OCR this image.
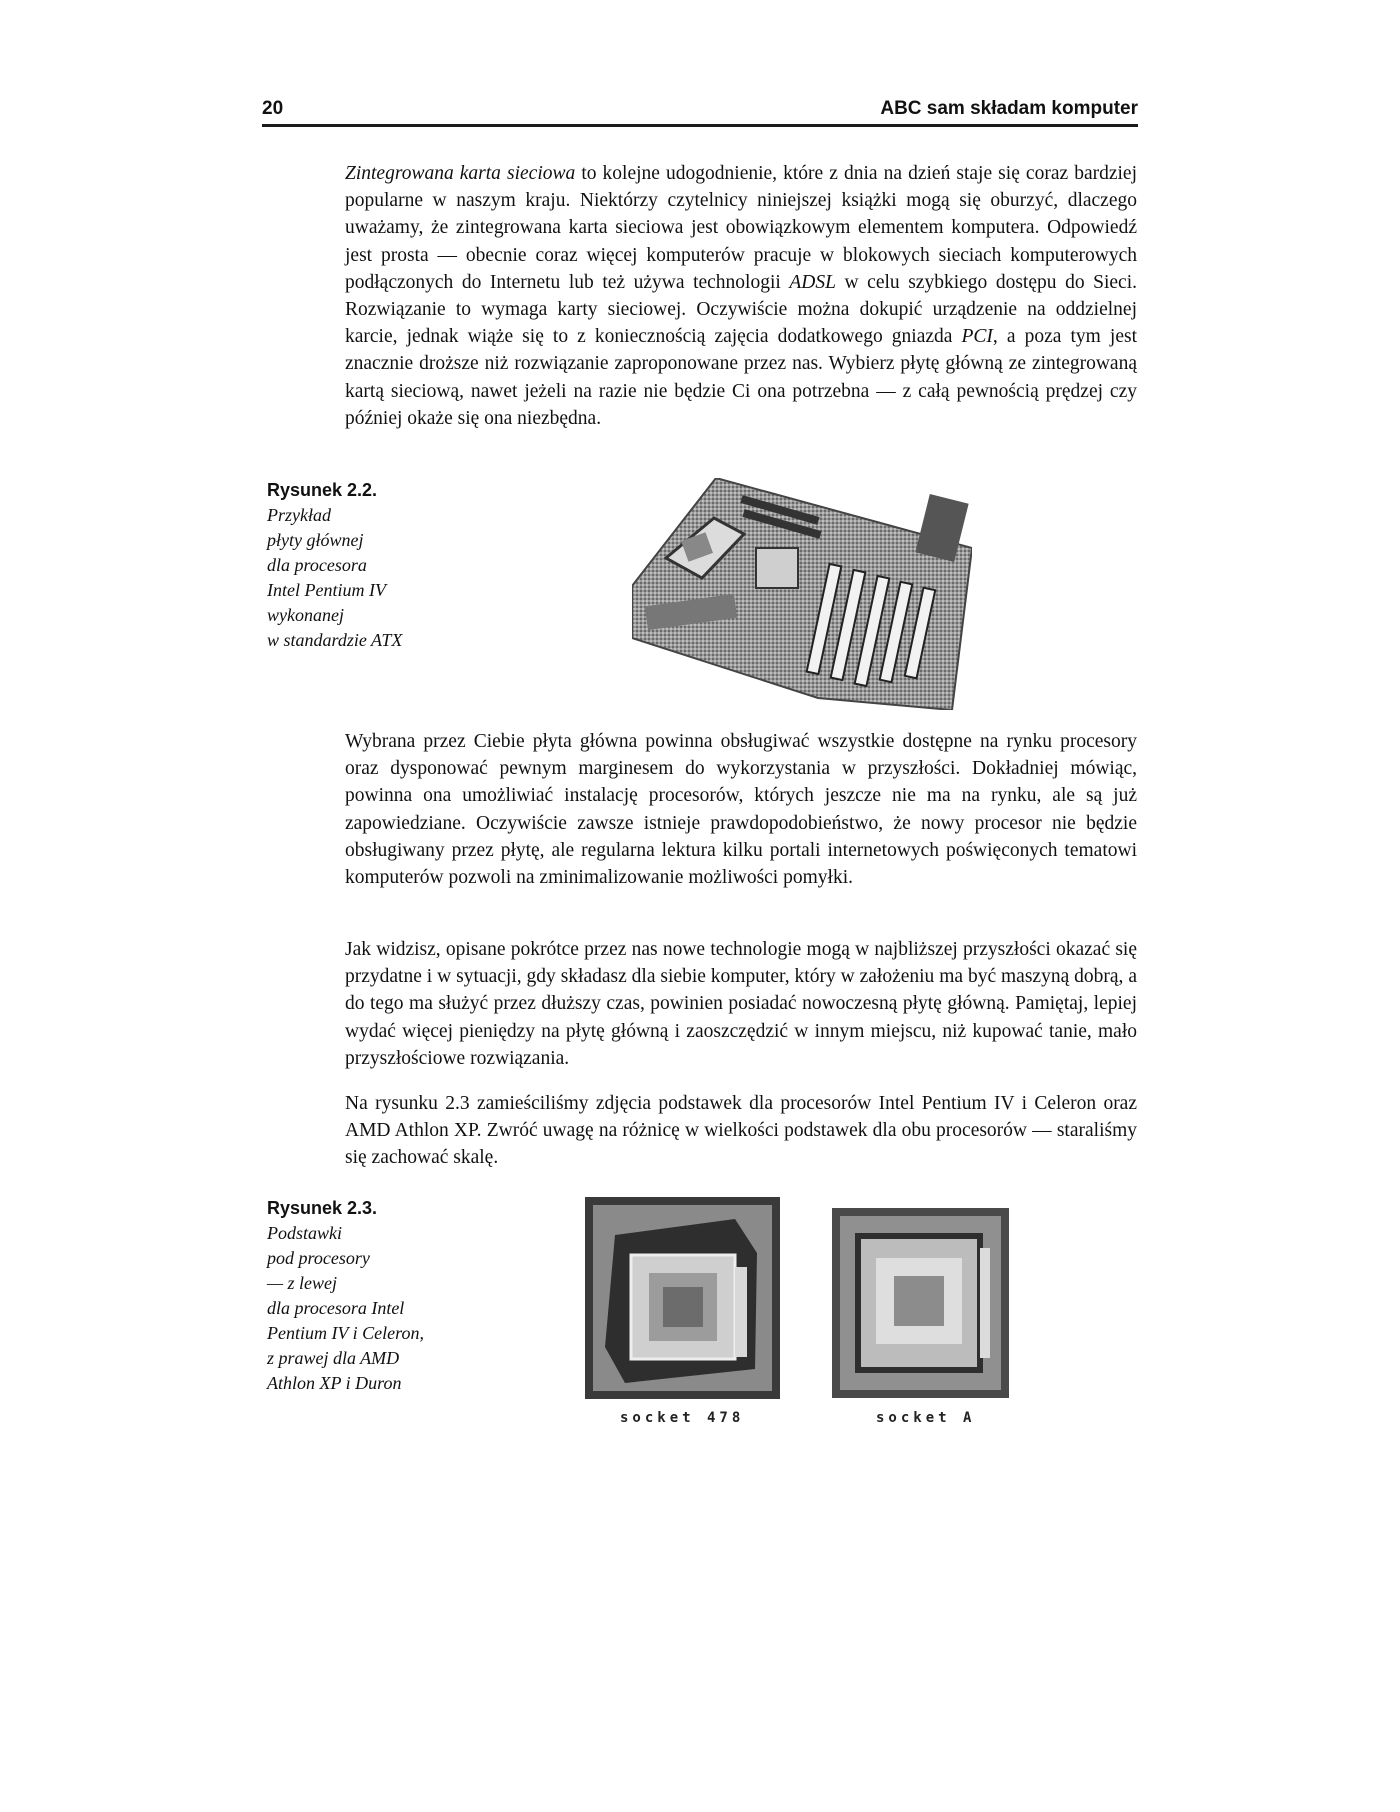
20	ABC sam składam komputer

Zintegrowana karta sieciowa to kolejne udogodnienie, które z dnia na dzień staje się coraz bardziej popularne w naszym kraju. Niektórzy czytelnicy niniejszej książki mogą się oburzyć, dlaczego uważamy, że zintegrowana karta sieciowa jest obowiązkowym elementem komputera. Odpowiedź jest prosta — obecnie coraz więcej komputerów pracuje w blokowych sieciach komputerowych podłączonych do Internetu lub też używa technologii ADSL w celu szybkiego dostępu do Sieci. Rozwiązanie to wymaga karty sieciowej. Oczywiście można dokupić urządzenie na oddzielnej karcie, jednak wiąże się to z koniecznością zajęcia dodatkowego gniazda PCI, a poza tym jest znacznie droższe niż rozwiązanie zaproponowane przez nas. Wybierz płytę główną ze zintegrowaną kartą sieciową, nawet jeżeli na razie nie będzie Ci ona potrzebna — z całą pewnością prędzej czy później okaże się ona niezbędna.

Rysunek 2.2.
Przykład
płyty głównej
dla procesora
Intel Pentium IV
wykonanej
w standardzie ATX

Wybrana przez Ciebie płyta główna powinna obsługiwać wszystkie dostępne na rynku procesory oraz dysponować pewnym marginesem do wykorzystania w przyszłości. Dokładniej mówiąc, powinna ona umożliwiać instalację procesorów, których jeszcze nie ma na rynku, ale są już zapowiedziane. Oczywiście zawsze istnieje prawdopodobieństwo, że nowy procesor nie będzie obsługiwany przez płytę, ale regularna lektura kilku portali internetowych poświęconych tematowi komputerów pozwoli na zminimalizowanie możliwości pomyłki.

Jak widzisz, opisane pokrótce przez nas nowe technologie mogą w najbliższej przyszłości okazać się przydatne i w sytuacji, gdy składasz dla siebie komputer, który w założeniu ma być maszyną dobrą, a do tego ma służyć przez dłuższy czas, powinien posiadać nowoczesną płytę główną. Pamiętaj, lepiej wydać więcej pieniędzy na płytę główną i zaoszczędzić w innym miejscu, niż kupować tanie, mało przyszłościowe rozwiązania.

Na rysunku 2.3 zamieściliśmy zdjęcia podstawek dla procesorów Intel Pentium IV i Celeron oraz AMD Athlon XP. Zwróć uwagę na różnicę w wielkości podstawek dla obu procesorów — staraliśmy się zachować skalę.

Rysunek 2.3.
Podstawki
pod procesory
— z lewej
dla procesora Intel
Pentium IV i Celeron,
z prawej dla AMD
Athlon XP i Duron
socket 478	socket A
